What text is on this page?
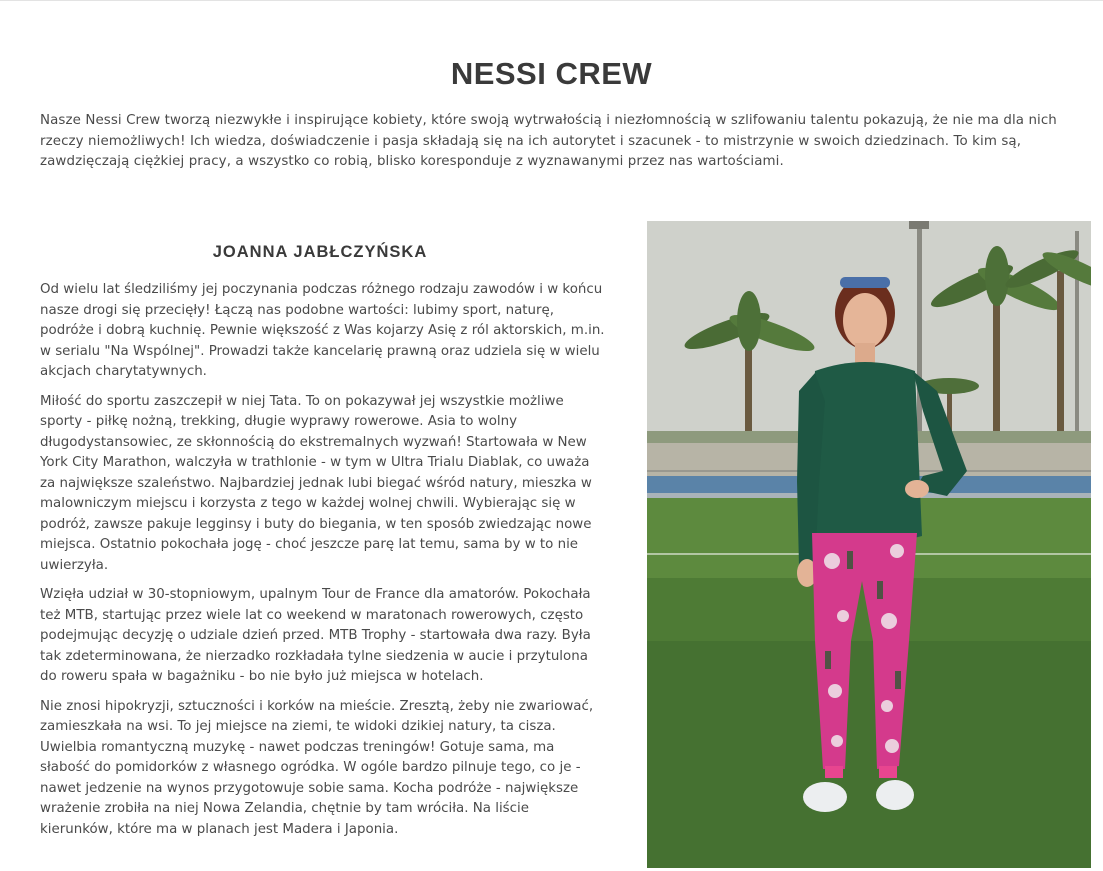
NESSI CREW

Nasze Nessi Crew tworzą niezwykłe i inspirujące kobiety, które swoją wytrwałością i niezłomnością w szlifowaniu talentu pokazują, że nie ma dla nich rzeczy niemożliwych! Ich wiedza, doświadczenie i pasja składają się na ich autorytet i szacunek - to mistrzynie w swoich dziedzinach. To kim są, zawdzięczają ciężkiej pracy, a wszystko co robią, blisko koresponduje z wyznawanymi przez nas wartościami.

JOANNA JABŁCZYŃSKA

Od wielu lat śledziliśmy jej poczynania podczas różnego rodzaju zawodów i w końcu nasze drogi się przecięły! Łączą nas podobne wartości: lubimy sport, naturę, podróże i dobrą kuchnię. Pewnie większość z Was kojarzy Asię z ról aktorskich, m.in. w serialu "Na Wspólnej". Prowadzi także kancelarię prawną oraz udziela się w wielu akcjach charytatywnych.

Miłość do sportu zaszczepił w niej Tata. To on pokazywał jej wszystkie możliwe sporty - piłkę nożną, trekking, długie wyprawy rowerowe. Asia to wolny długodystansowiec, ze skłonnością do ekstremalnych wyzwań! Startowała w New York City Marathon, walczyła w trathlonie - w tym w Ultra Trialu Diablak, co uważa za największe szaleństwo. Najbardziej jednak lubi biegać wśród natury, mieszka w malowniczym miejscu i korzysta z tego w każdej wolnej chwili. Wybierając się w podróż, zawsze pakuje legginsy i buty do biegania, w ten sposób zwiedzając nowe miejsca. Ostatnio pokochała jogę - choć jeszcze parę lat temu, sama by w to nie uwierzyła.

Wzięła udział w 30-stopniowym, upalnym Tour de France dla amatorów. Pokochała też MTB, startując przez wiele lat co weekend w maratonach rowerowych, często podejmując decyzję o udziale dzień przed. MTB Trophy - startowała dwa razy. Była tak zdeterminowana, że nierzadko rozkładała tylne siedzenia w aucie i przytulona do roweru spała w bagażniku - bo nie było już miejsca w hotelach.

Nie znosi hipokryzji, sztuczności i korków na mieście. Zresztą, żeby nie zwariować, zamieszkała na wsi. To jej miejsce na ziemi, te widoki dzikiej natury, ta cisza. Uwielbia romantyczną muzykę - nawet podczas treningów! Gotuje sama, ma słabość do pomidorków z własnego ogródka. W ogóle bardzo pilnuje tego, co je - nawet jedzenie na wynos przygotowuje sobie sama. Kocha podróże - największe wrażenie zrobiła na niej Nowa Zelandia, chętnie by tam wróciła. Na liście kierunków, które ma w planach jest Madera i Japonia.
